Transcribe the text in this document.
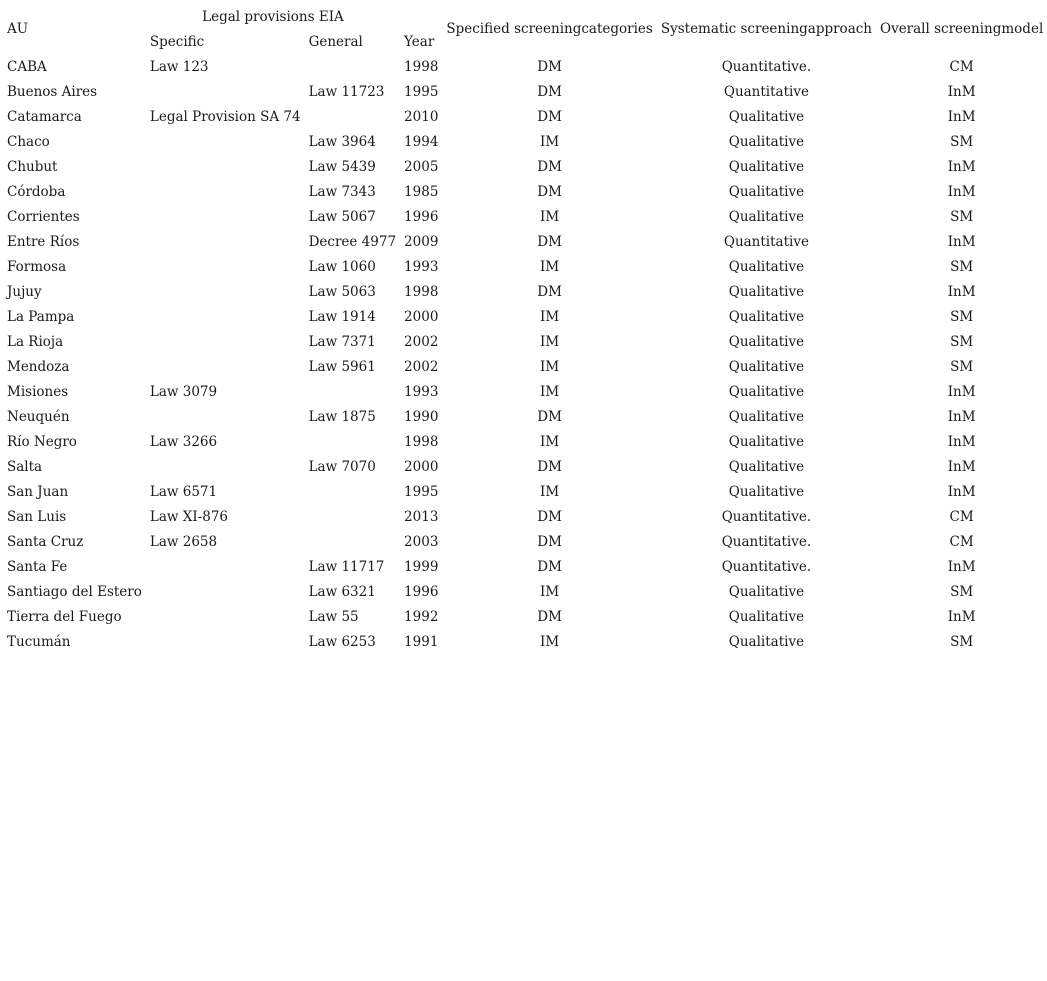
AU	Legal provisions EIA			Specified screeningcategories	Systematic screeningapproach	Overall screeningmodel
	Specific	General	Year			
CABA	Law 123		1998	DM	Quantitative.	CM
Buenos Aires		Law 11723	1995	DM	Quantitative	InM
Catamarca	Legal Provision SA 74		2010	DM	Qualitative	InM
Chaco		Law 3964	1994	IM	Qualitative	SM
Chubut		Law 5439	2005	DM	Qualitative	InM
Córdoba		Law 7343	1985	DM	Qualitative	InM
Corrientes		Law 5067	1996	IM	Qualitative	SM
Entre Ríos		Decree 4977	2009	DM	Quantitative	InM
Formosa		Law 1060	1993	IM	Qualitative	SM
Jujuy		Law 5063	1998	DM	Qualitative	InM
La Pampa		Law 1914	2000	IM	Qualitative	SM
La Rioja		Law 7371	2002	IM	Qualitative	SM
Mendoza		Law 5961	2002	IM	Qualitative	SM
Misiones	Law 3079		1993	IM	Qualitative	InM
Neuquén		Law 1875	1990	DM	Qualitative	InM
Río Negro	Law 3266		1998	IM	Qualitative	InM
Salta		Law 7070	2000	DM	Qualitative	InM
San Juan	Law 6571		1995	IM	Qualitative	InM
San Luis	Law XI-876		2013	DM	Quantitative.	CM
Santa Cruz	Law 2658		2003	DM	Quantitative.	CM
Santa Fe		Law 11717	1999	DM	Quantitative.	InM
Santiago del Estero		Law 6321	1996	IM	Qualitative	SM
Tierra del Fuego		Law 55	1992	DM	Qualitative	InM
Tucumán		Law 6253	1991	IM	Qualitative	SM
